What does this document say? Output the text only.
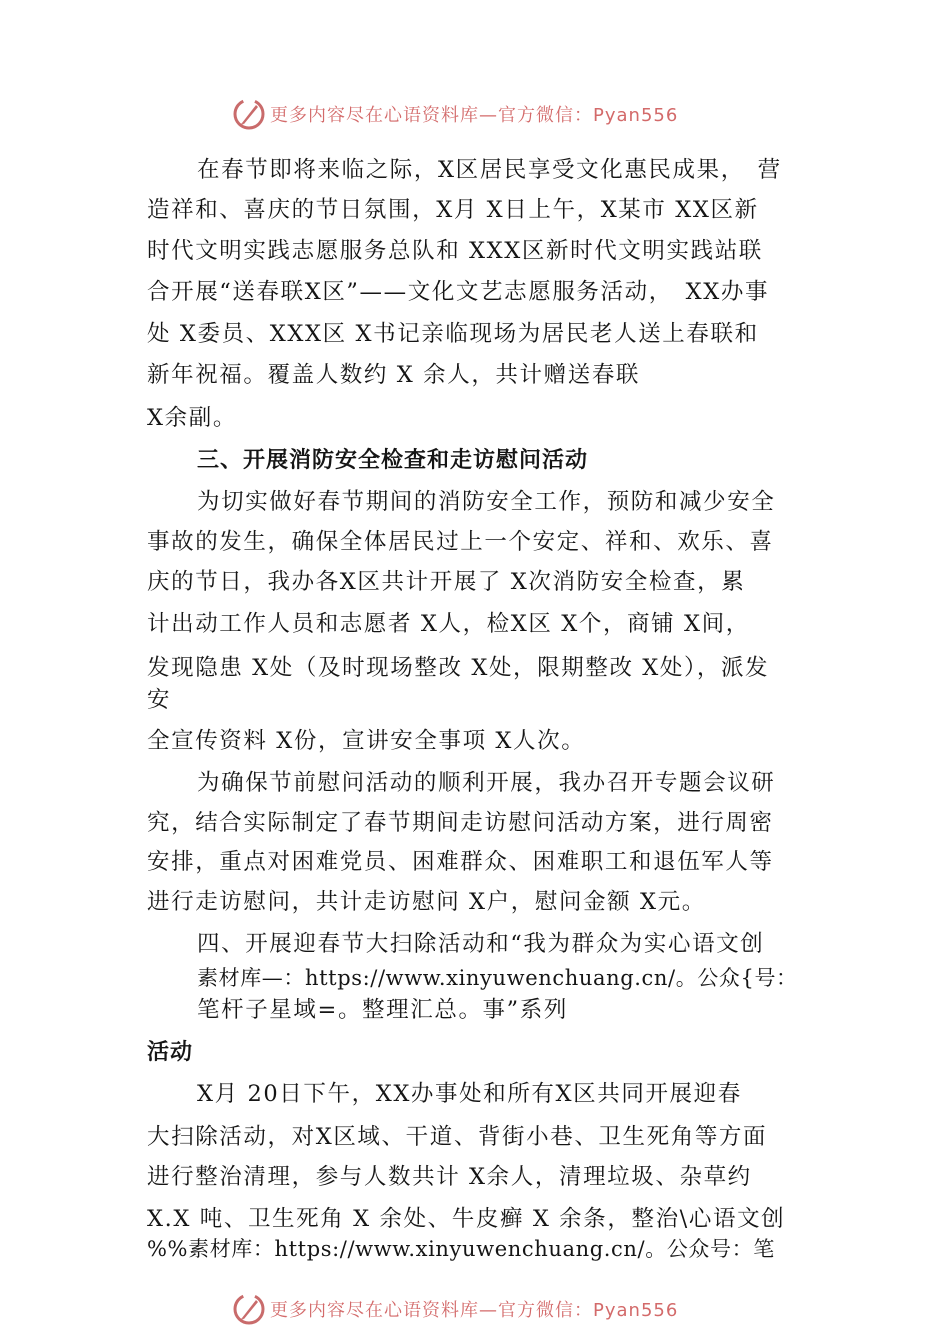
更多内容尽在心语资料库—官方微信：Pyan556
在春节即将来临之际，X区居民享受文化惠民成果，　营
造祥和、喜庆的节日氛围，X月 X日上午，X某市 XX区新
时代文明实践志愿服务总队和 XXX区新时代文明实践站联
合开展“送春联X区”——文化文艺志愿服务活动，　XX办事
处 X委员、XXX区 X书记亲临现场为居民老人送上春联和
新年祝福。覆盖人数约 X 余人，共计赠送春联
X余副。
三、开展消防安全检查和走访慰问活动
为切实做好春节期间的消防安全工作，预防和减少安全
事故的发生，确保全体居民过上一个安定、祥和、欢乐、喜
庆的节日，我办各X区共计开展了 X次消防安全检查，累
计出动工作人员和志愿者 X人，检X区 X个，商铺 X间，
发现隐患 X处（及时现场整改 X处，限期整改 X处），派发
安
全宣传资料 X份，宣讲安全事项 X人次。
为确保节前慰问活动的顺利开展，我办召开专题会议研
究，结合实际制定了春节期间走访慰问活动方案，进行周密
安排，重点对困难党员、困难群众、困难职工和退伍军人等
进行走访慰问，共计走访慰问 X户，慰问金额 X元。
四、开展迎春节大扫除活动和“我为群众为实心语文创
素材库—：https://www.xinyuwenchuang.cn/。公众{号：
笔杆子星域=。整理汇总。事”系列
活动
X月 20日下午，XX办事处和所有X区共同开展迎春
大扫除活动，对X区域、干道、背街小巷、卫生死角等方面
进行整治清理，参与人数共计 X余人，清理垃圾、杂草约
X.X 吨、卫生死角 X 余处、牛皮癣 X 余条，整治\心语文创
%%素材库：https://www.xinyuwenchuang.cn/。公众号：笔
更多内容尽在心语资料库—官方微信：Pyan556
